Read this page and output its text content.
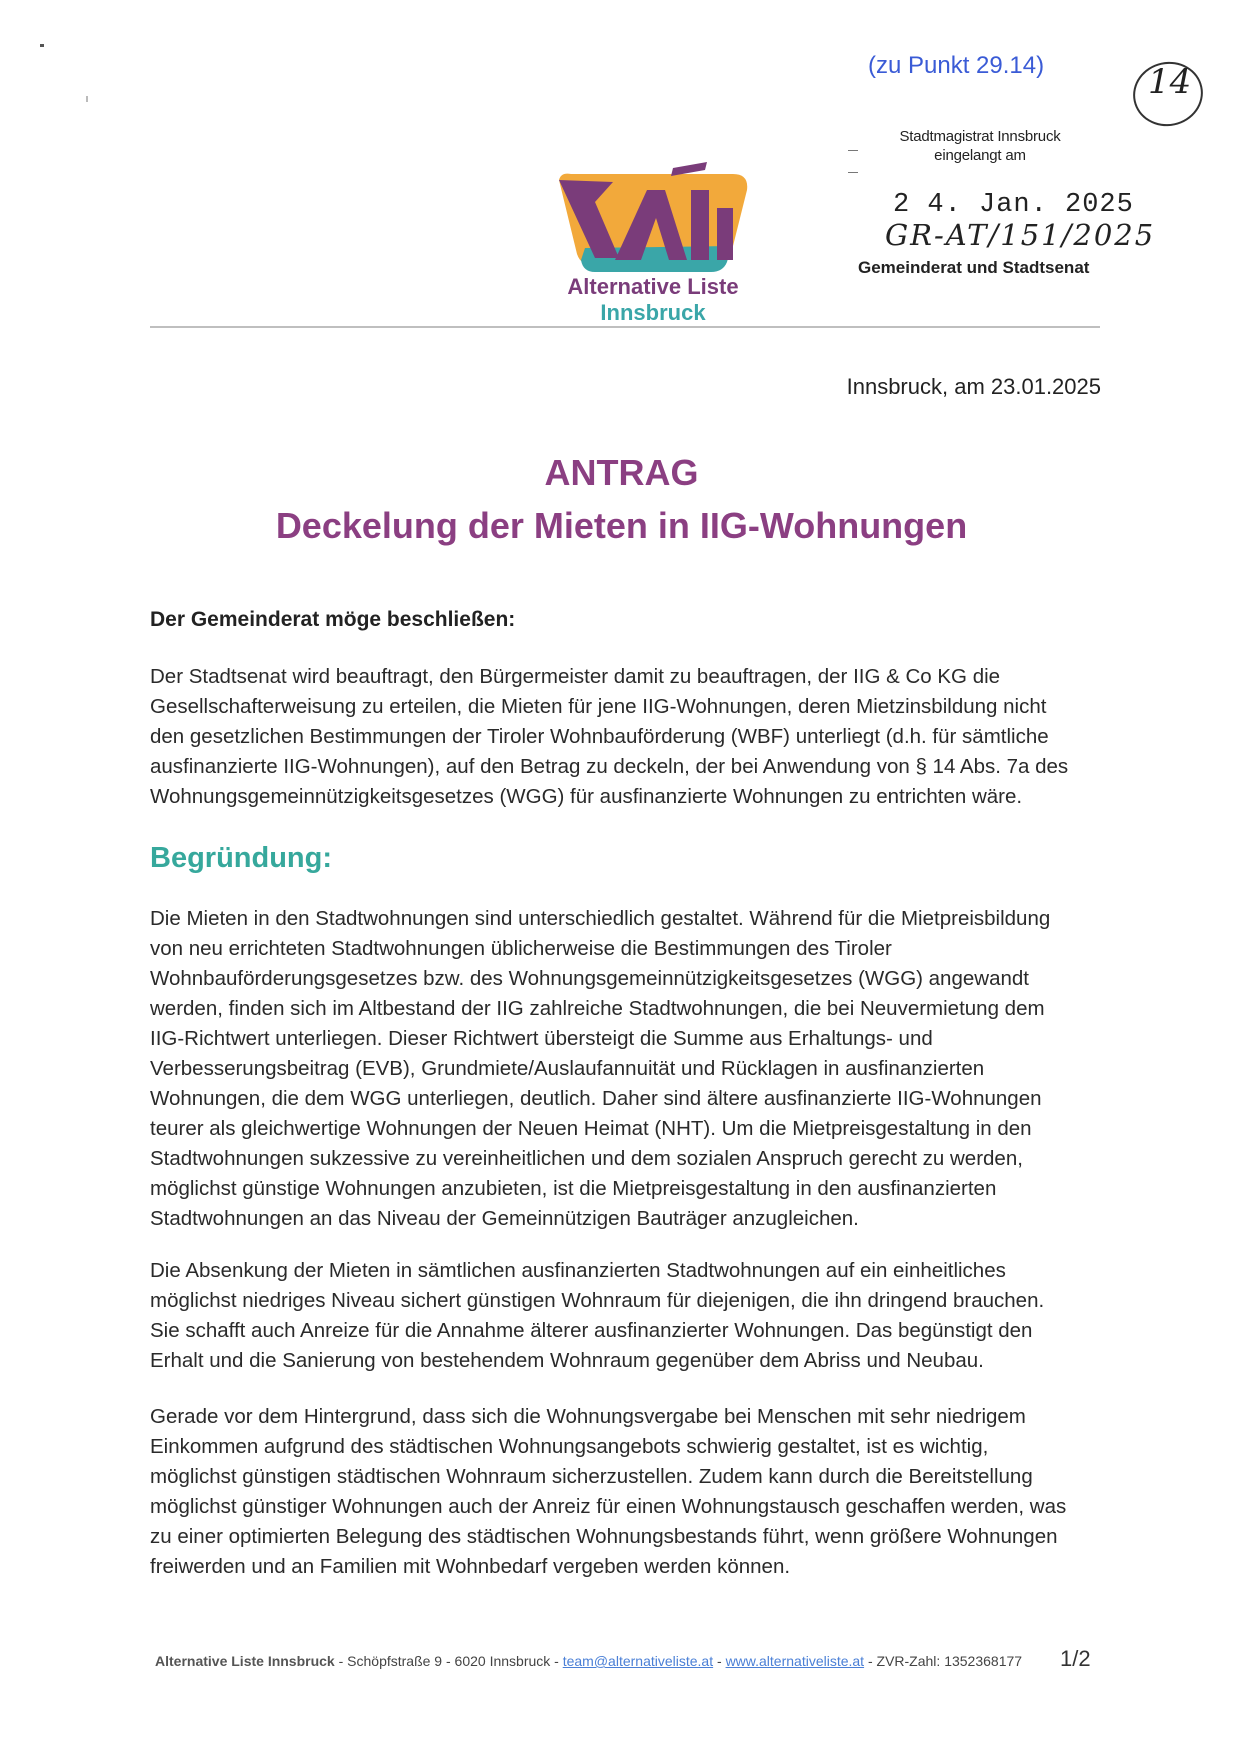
(zu Punkt 29.14)	14
Stadtmagistrat Innsbruck
eingelangt am
2 4. Jan. 2025
GR-AT/151/2025
Gemeinderat und Stadtsenat
Alternative Liste
Innsbruck
Innsbruck, am 23.01.2025
ANTRAG
Deckelung der Mieten in IIG-Wohnungen
Der Gemeinderat möge beschließen:
Der Stadtsenat wird beauftragt, den Bürgermeister damit zu beauftragen, der IIG & Co KG die
Gesellschafterweisung zu erteilen, die Mieten für jene IIG-Wohnungen, deren Mietzinsbildung nicht
den gesetzlichen Bestimmungen der Tiroler Wohnbauförderung (WBF) unterliegt (d.h. für sämtliche
ausfinanzierte IIG-Wohnungen), auf den Betrag zu deckeln, der bei Anwendung von § 14 Abs. 7a des
Wohnungsgemeinnützigkeitsgesetzes (WGG) für ausfinanzierte Wohnungen zu entrichten wäre.
Begründung:
Die Mieten in den Stadtwohnungen sind unterschiedlich gestaltet. Während für die Mietpreisbildung
von neu errichteten Stadtwohnungen üblicherweise die Bestimmungen des Tiroler
Wohnbauförderungsgesetzes bzw. des Wohnungsgemeinnützigkeitsgesetzes (WGG) angewandt
werden, finden sich im Altbestand der IIG zahlreiche Stadtwohnungen, die bei Neuvermietung dem
IIG-Richtwert unterliegen. Dieser Richtwert übersteigt die Summe aus Erhaltungs- und
Verbesserungsbeitrag (EVB), Grundmiete/Auslaufannuität und Rücklagen in ausfinanzierten
Wohnungen, die dem WGG unterliegen, deutlich. Daher sind ältere ausfinanzierte IIG-Wohnungen
teurer als gleichwertige Wohnungen der Neuen Heimat (NHT). Um die Mietpreisgestaltung in den
Stadtwohnungen sukzessive zu vereinheitlichen und dem sozialen Anspruch gerecht zu werden,
möglichst günstige Wohnungen anzubieten, ist die Mietpreisgestaltung in den ausfinanzierten
Stadtwohnungen an das Niveau der Gemeinnützigen Bauträger anzugleichen.
Die Absenkung der Mieten in sämtlichen ausfinanzierten Stadtwohnungen auf ein einheitliches
möglichst niedriges Niveau sichert günstigen Wohnraum für diejenigen, die ihn dringend brauchen.
Sie schafft auch Anreize für die Annahme älterer ausfinanzierter Wohnungen. Das begünstigt den
Erhalt und die Sanierung von bestehendem Wohnraum gegenüber dem Abriss und Neubau.
Gerade vor dem Hintergrund, dass sich die Wohnungsvergabe bei Menschen mit sehr niedrigem
Einkommen aufgrund des städtischen Wohnungsangebots schwierig gestaltet, ist es wichtig,
möglichst günstigen städtischen Wohnraum sicherzustellen. Zudem kann durch die Bereitstellung
möglichst günstiger Wohnungen auch der Anreiz für einen Wohnungstausch geschaffen werden, was
zu einer optimierten Belegung des städtischen Wohnungsbestands führt, wenn größere Wohnungen
freiwerden und an Familien mit Wohnbedarf vergeben werden können.
Alternative Liste Innsbruck - Schöpfstraße 9 - 6020 Innsbruck - team@alternativeliste.at - www.alternativeliste.at - ZVR-Zahl: 1352368177 1/2
